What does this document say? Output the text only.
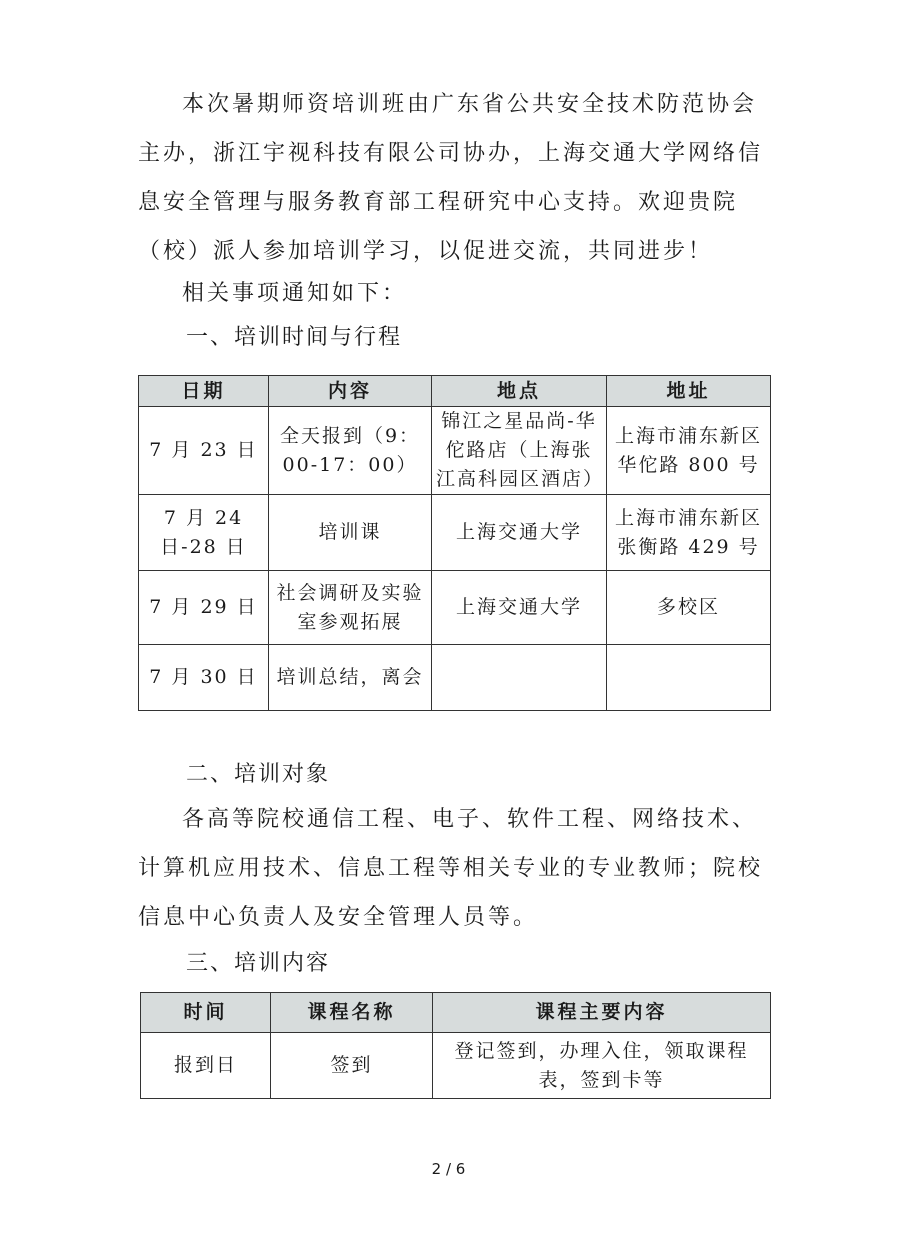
本次暑期师资培训班由广东省公共安全技术防范协会主办，浙江宇视科技有限公司协办，上海交通大学网络信息安全管理与服务教育部工程研究中心支持。欢迎贵院（校）派人参加培训学习，以促进交流，共同进步！

相关事项通知如下：

一、培训时间与行程
日期	内容	地点	地址
7 月 23 日	全天报到（9：00-17：00）	锦江之星品尚-华佗路店（上海张江高科园区酒店）	上海市浦东新区华佗路 800 号
7 月 24 日-28 日	培训课	上海交通大学	上海市浦东新区张衡路 429 号
7 月 29 日	社会调研及实验室参观拓展	上海交通大学	多校区
7 月 30 日	培训总结，离会		
二、培训对象

各高等院校通信工程、电子、软件工程、网络技术、计算机应用技术、信息工程等相关专业的专业教师；院校信息中心负责人及安全管理人员等。

三、培训内容
时间	课程名称	课程主要内容
报到日	签到	登记签到，办理入住，领取课程表，签到卡等
2 / 6
